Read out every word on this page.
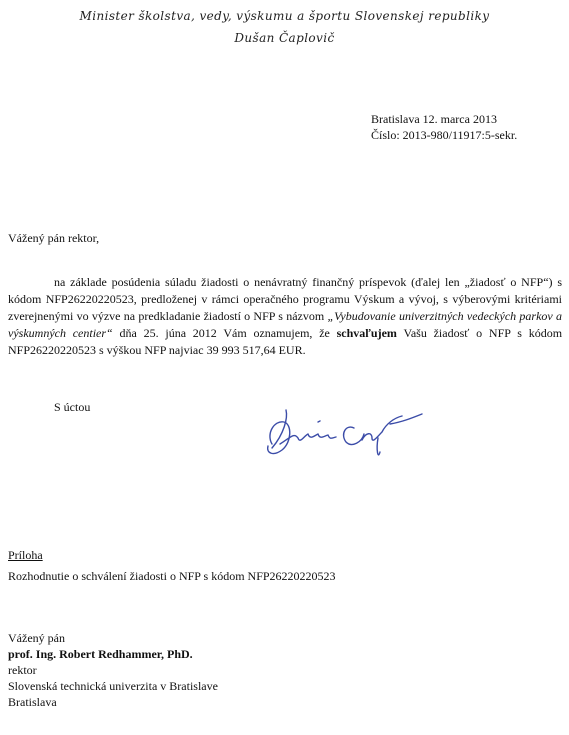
Minister školstva, vedy, výskumu a športu Slovenskej republiky
Dušan Čaplovič
Bratislava 12. marca 2013
Číslo: 2013-980/11917:5-sekr.
Vážený pán rektor,

na základe posúdenia súladu žiadosti o nenávratný finančný príspevok (ďalej len „žiadosť o NFP“) s kódom NFP26220220523, predloženej v rámci operačného programu Výskum a vývoj, s výberovými kritériami zverejnenými vo výzve na predkladanie žiadostí o NFP s názvom „Vybudovanie univerzitných vedeckých parkov a výskumných centier“ dňa 25. júna 2012 Vám oznamujem, že schvaľujem Vašu žiadosť o NFP s kódom NFP26220220523 s výškou NFP najviac 39 993 517,64 EUR.

S úctou
Príloha
Rozhodnutie o schválení žiadosti o NFP s kódom NFP26220220523
Vážený pán
prof. Ing. Robert Redhammer, PhD.
rektor
Slovenská technická univerzita v Bratislave
Bratislava
